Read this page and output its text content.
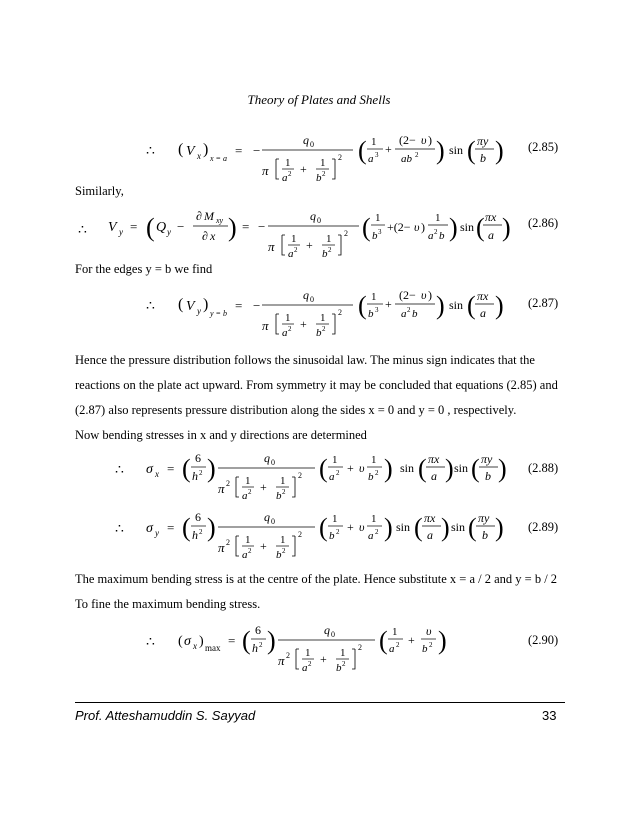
Theory of Plates and Shells
∴ ( V x )
x = a
= −
q 0
π 1
a 2 + 1
b 2
2 ( 1
a 3 +
(2− υ )
ab 2 ) sin ( πy
b ) (2.85)
Similarly,
∴ V y = ( Q y −
∂ M xy
∂ x ) = −
q 0
π 1
a 2 + 1
b 2
2 ( 1
b 3 +(2− υ )
1
a 2 b ) sin ( πx
a ) (2.86)
For the edges y = b we find
∴ ( V y )
y = b
= −
q 0
π 1
a 2 + 1
b 2
2 ( 1
b 3 +
(2− υ )
a 2 b ) sin ( πx
a ) (2.87)
Hence the pressure distribution follows the sinusoidal law. The minus sign indicates that the
reactions on the plate act upward. From symmetry it may be concluded that equations (2.85) and
(2.87) also represents pressure distribution along the sides x = 0 and y = 0 , respectively.
Now bending stresses in x and y directions are determined
∴ σ x = ( 6
h 2 )	q 0
π 2 1
a 2 + 1
b 2
2 ( 1
a 2 + υ
1
b 2 ) sin ( πx
a ) sin ( πy
b ) (2.88)
∴ σ y = ( 6
h 2 )	q 0
π 2 1
a 2 + 1
b 2
2 ( 1
b 2 + υ
1
a 2 ) sin ( πx
a ) sin ( πy
b ) (2.89)
The maximum bending stress is at the centre of the plate. Hence substitute x = a / 2 and y = b / 2
To fine the maximum bending stress.
∴ ( σ x ) max = ( 6
h 2 )	q 0
π 2 1
a 2 + 1
b 2
2 ( 1
a 2 +
υ
b 2 )	(2.90)
Prof. Atteshamuddin S. Sayyad	33
